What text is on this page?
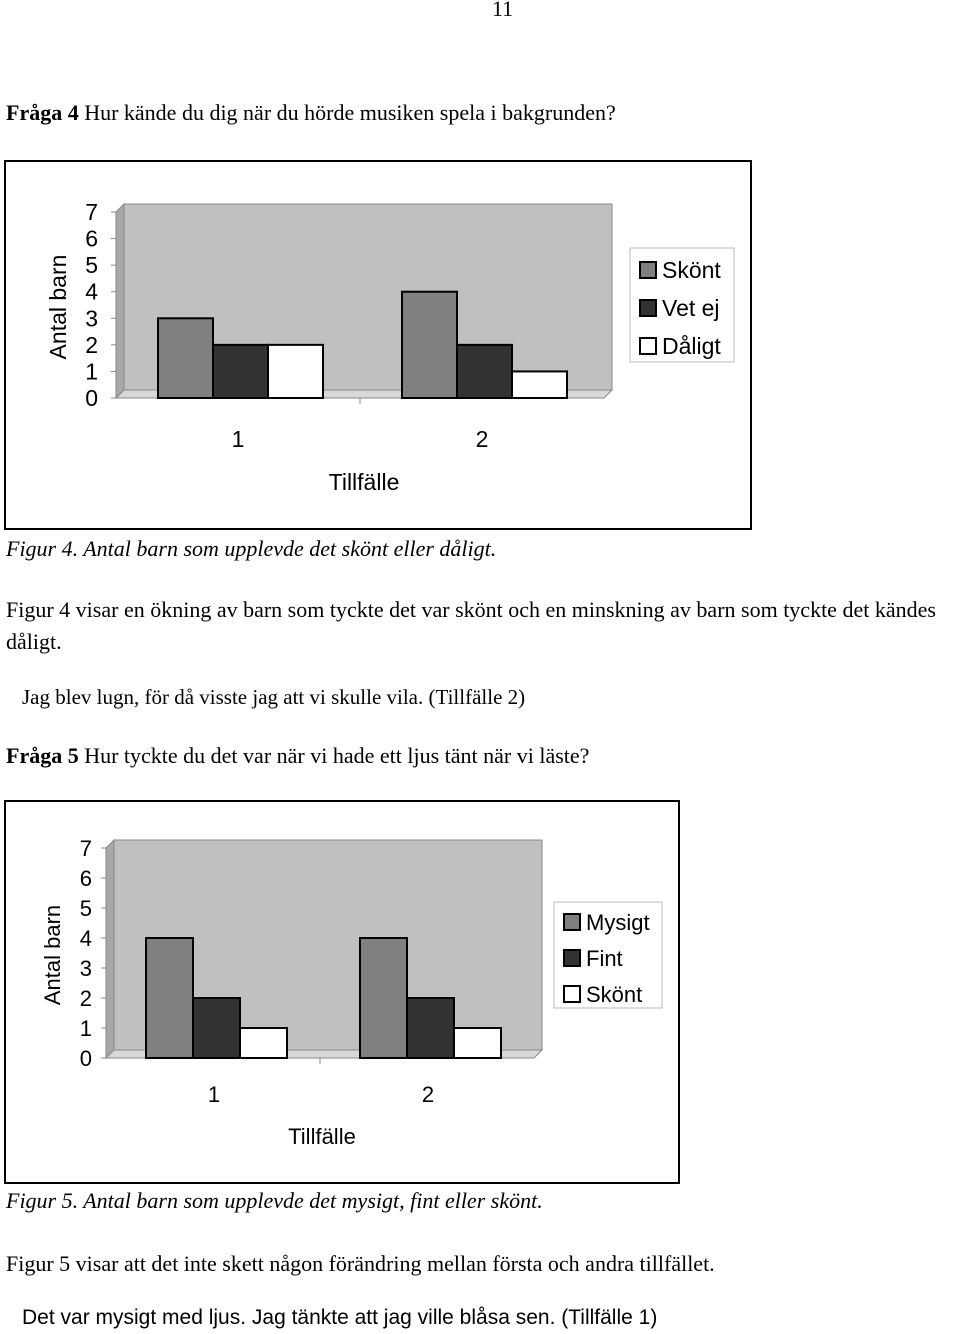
11
Fråga 4 Hur kände du dig när du hörde musiken spela i bakgrunden?
0
1
2
3
4
5
6
7
1	2
Tillfälle
Antal barn	Skönt
Vet ej
Dåligt
Figur 4. Antal barn som upplevde det skönt eller dåligt.
Figur 4 visar en ökning av barn som tyckte det var skönt och en minskning av barn som tyckte det kändes dåligt.
Jag blev lugn, för då visste jag att vi skulle vila. (Tillfälle 2)
Fråga 5 Hur tyckte du det var när vi hade ett ljus tänt när vi läste?
0
1
2
3
4
5
6
7
1	2
Tillfälle
Antal barn	Mysigt
Fint
Skönt
Figur 5. Antal barn som upplevde det mysigt, fint eller skönt.
Figur 5 visar att det inte skett någon förändring mellan första och andra tillfället.
Det var mysigt med ljus. Jag tänkte att jag ville blåsa sen. (Tillfälle 1)
